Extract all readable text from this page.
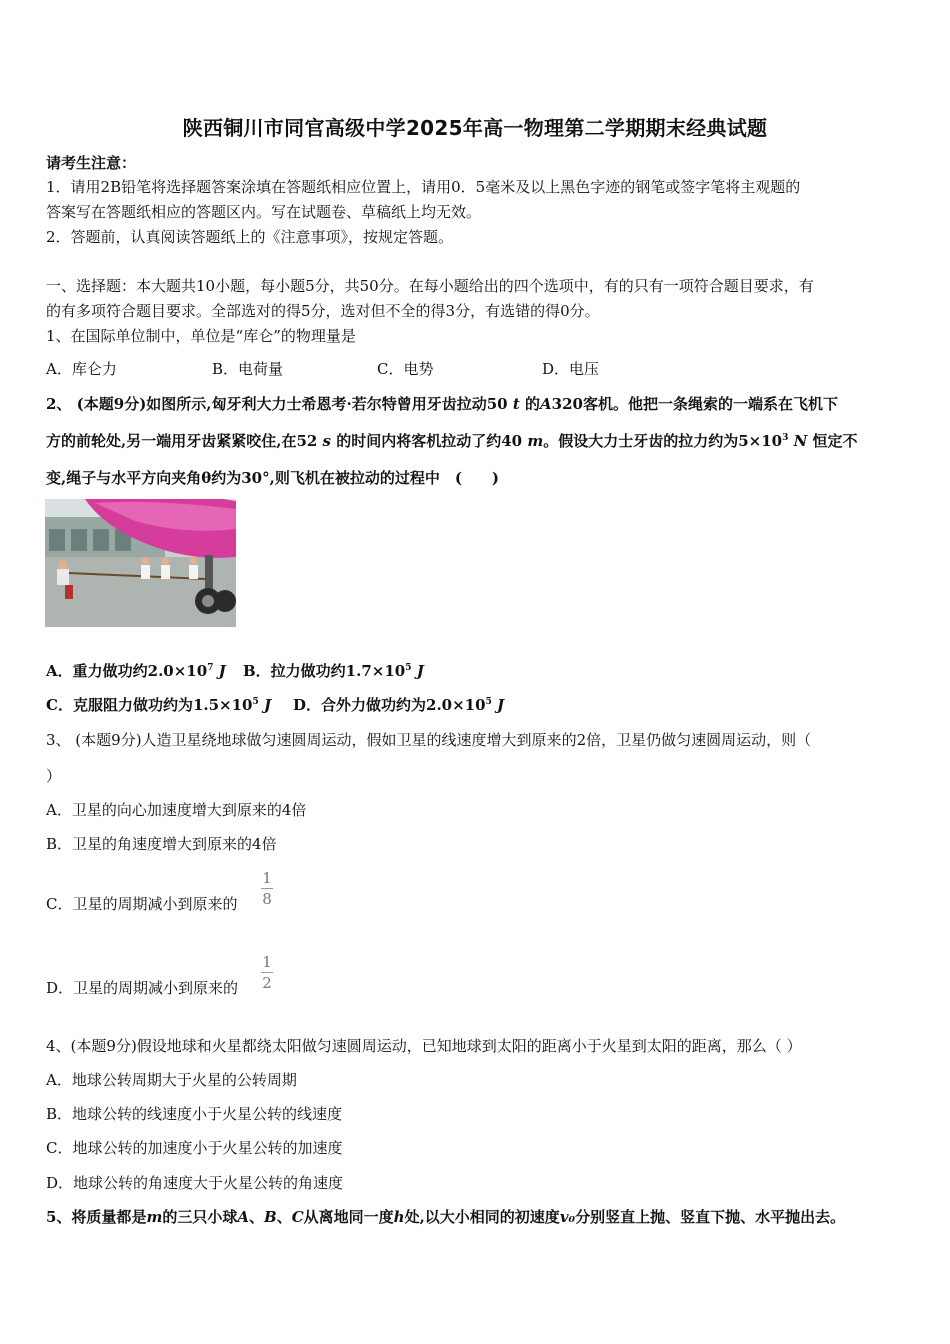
陕西铜川市同官高级中学2025年高一物理第二学期期末经典试题
请考生注意：
1．请用2B铅笔将选择题答案涂填在答题纸相应位置上，请用0．5毫米及以上黑色字迹的钢笔或签字笔将主观题的
答案写在答题纸相应的答题区内。写在试题卷、草稿纸上均无效。
2．答题前，认真阅读答题纸上的《注意事项》，按规定答题。
一、选择题：本大题共10小题，每小题5分，共50分。在每小题给出的四个选项中，有的只有一项符合题目要求，有
的有多项符合题目要求。全部选对的得5分，选对但不全的得3分，有选错的得0分。
1、在国际单位制中，单位是“库仑”的物理量是
A．库仑力	B．电荷量	C．电势	D．电压
2、 (本题9分)如图所示,匈牙利大力士希恩考·若尔特曾用牙齿拉动50 t 的A320客机。他把一条绳索的一端系在飞机下
方的前轮处,另一端用牙齿紧紧咬住,在52 s 的时间内将客机拉动了约40 m。假设大力士牙齿的拉力约为$5\times 10^3$ N 恒定不
变,绳子与水平方向夹角θ约为30°,则飞机在被拉动的过程中　(　　)
A．重力做功约$2.0\times 10^7$ J B．拉力做功约$1.7\times 10^5$ J
C．克服阻力做功约为$1.5\times 10^5$ J D．合外力做功约为$2.0\times 10^5$ J
3、 (本题9分)人造卫星绕地球做匀速圆周运动，假如卫星的线速度增大到原来的2倍，卫星仍做匀速圆周运动，则（
）
A．卫星的向心加速度增大到原来的4倍
B．卫星的角速度增大到原来的4倍
C．卫星的周期减小到原来的
1
8
D．卫星的周期减小到原来的
1
2
4、(本题9分)假设地球和火星都绕太阳做匀速圆周运动，已知地球到太阳的距离小于火星到太阳的距离，那么（ ）
A．地球公转周期大于火星的公转周期
B．地球公转的线速度小于火星公转的线速度
C．地球公转的加速度小于火星公转的加速度
D．地球公转的角速度大于火星公转的角速度
5、将质量都是m的三只小球A、B、C从离地同一度h处,以大小相同的初速度v₀分别竖直上抛、竖直下抛、水平抛出去。
